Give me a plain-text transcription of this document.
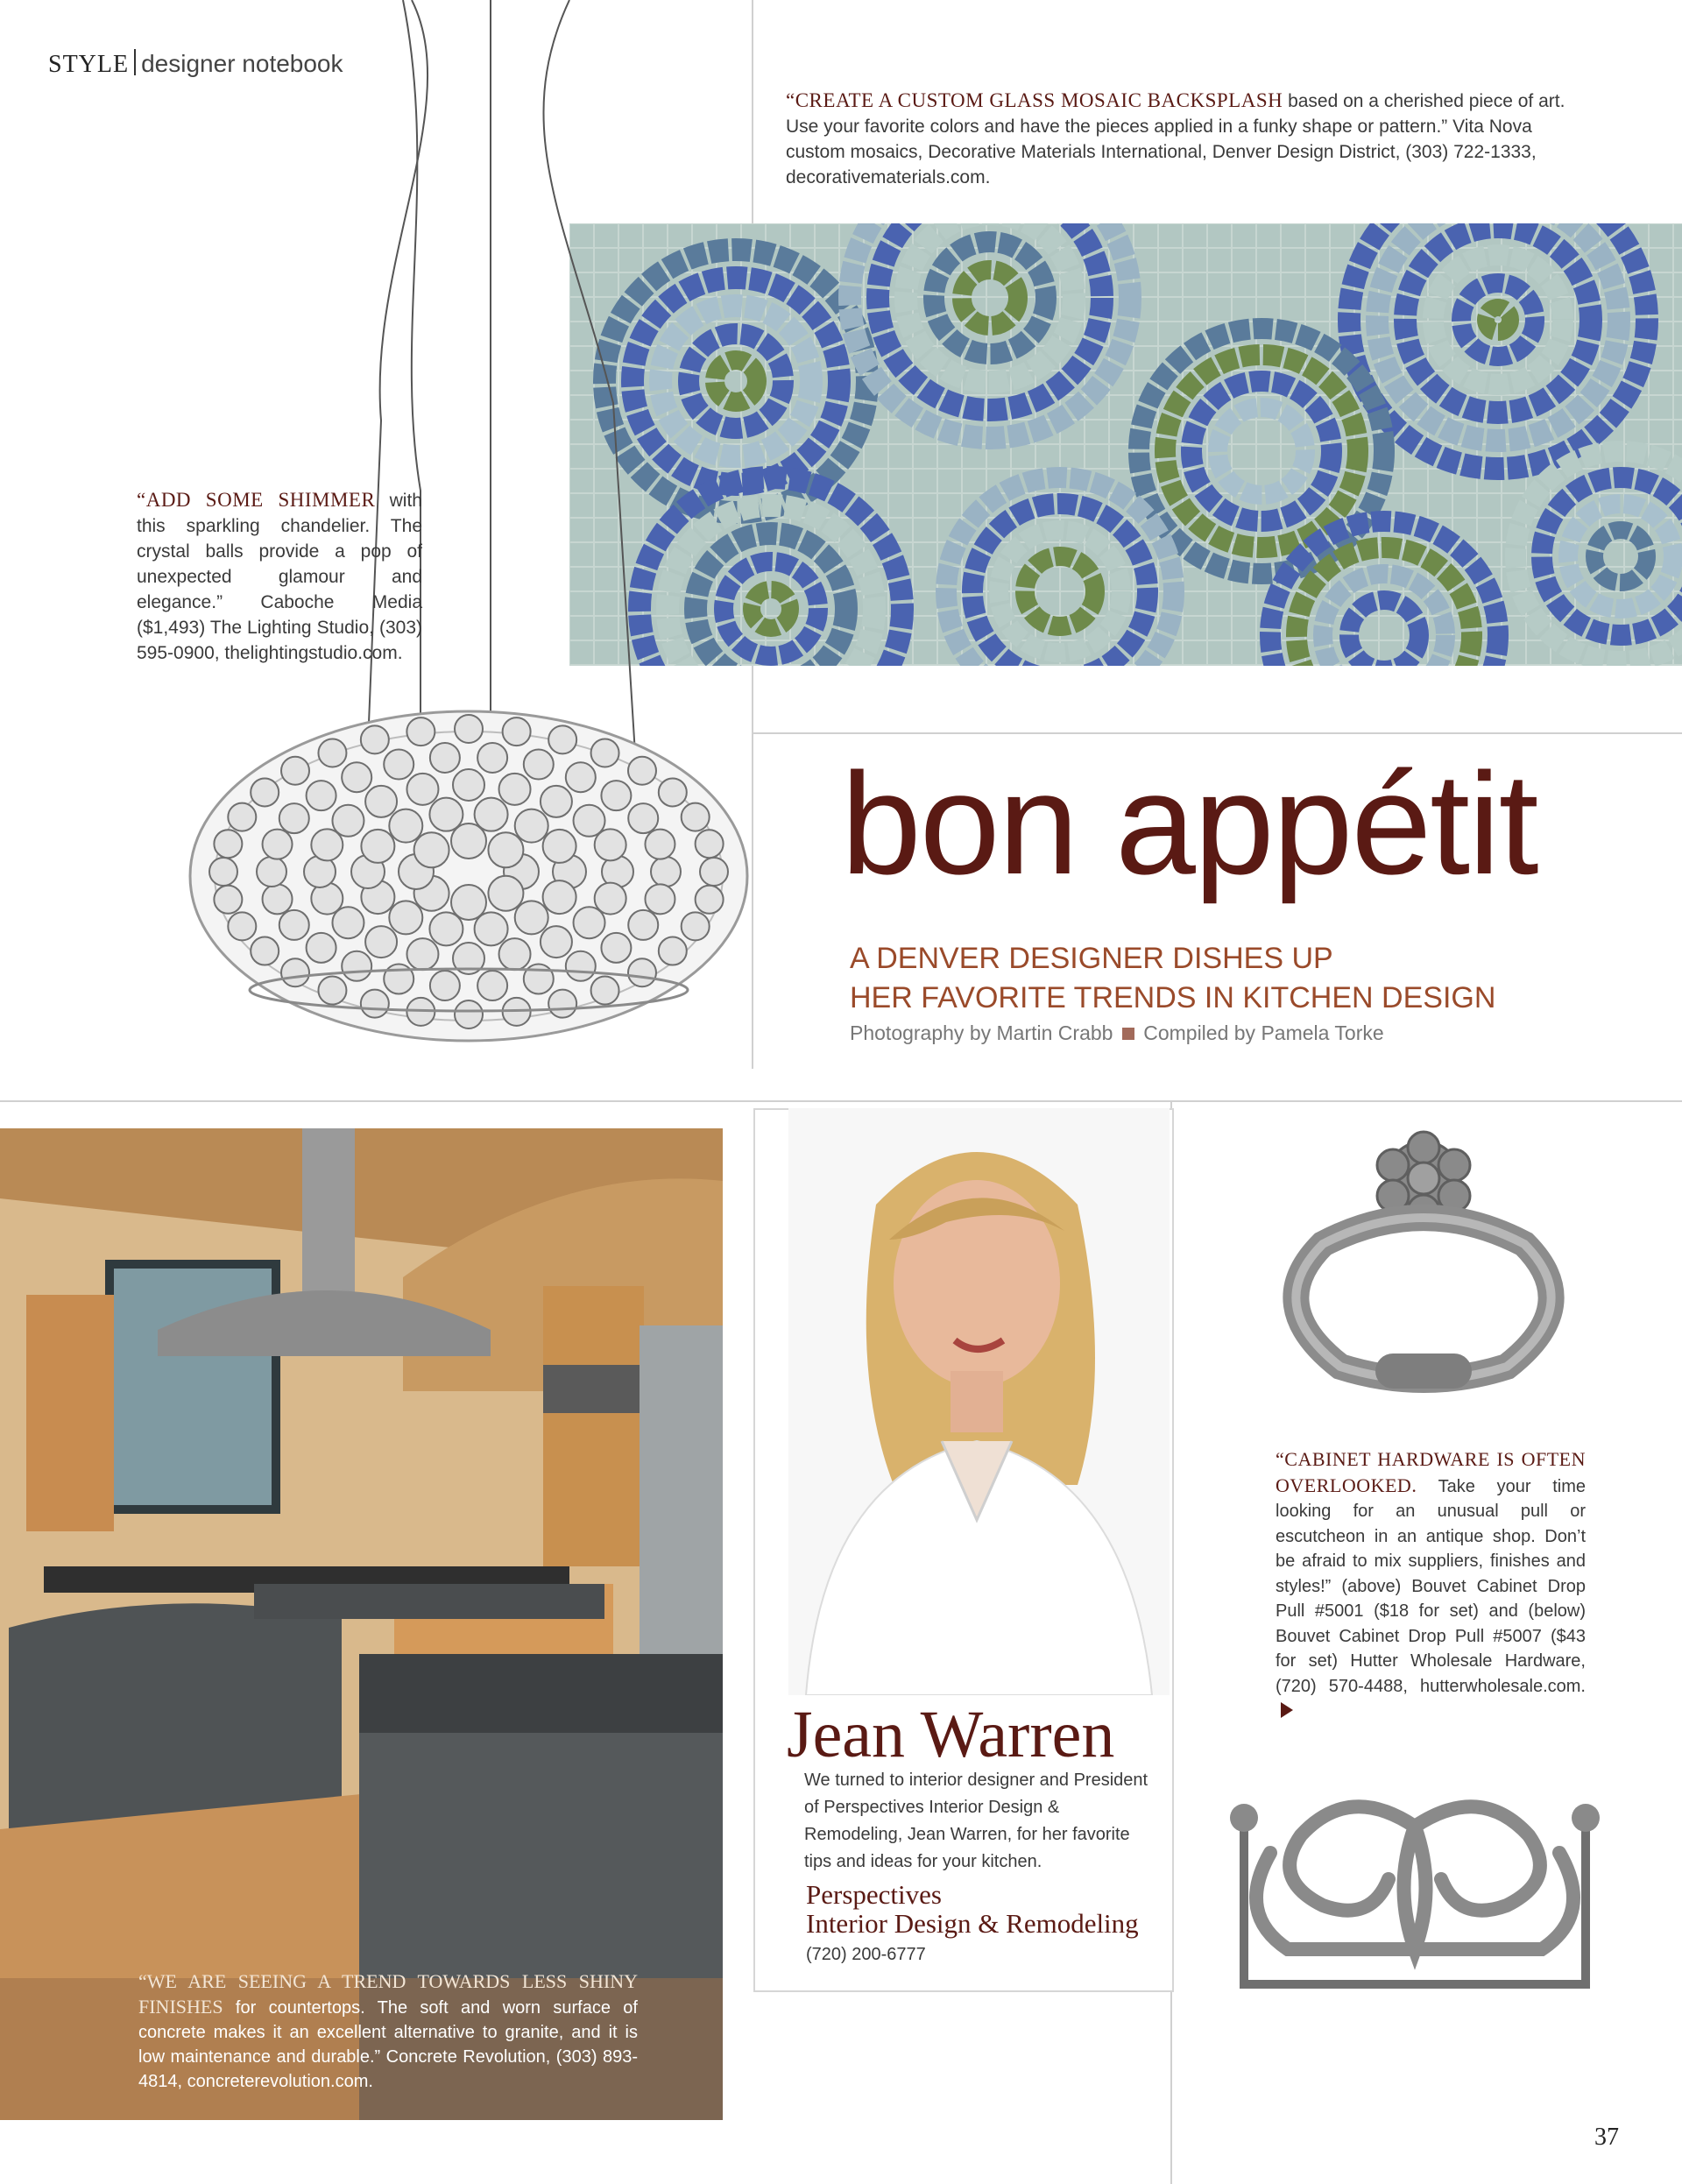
STYLE designer notebook
“CREATE A CUSTOM GLASS MOSAIC BACKSPLASH based on a cherished piece of art. Use your favorite colors and have the pieces applied in a funky shape or pattern.” Vita Nova custom mosaics, Decorative Materials International, Denver Design District, (303) 722-1333, decorativematerials.com.
“ADD SOME SHIMMER with this sparkling chandelier. The crystal balls provide a pop of unexpected glamour and elegance.” Caboche Media ($1,493) The Lighting Studio, (303) 595-0900, thelightingstudio.com.
bon appétit
A DENVER DESIGNER DISHES UP
HER FAVORITE TRENDS IN KITCHEN DESIGN
Photography by Martin Crabb Compiled by Pamela Torke
“WE ARE SEEING A TREND TOWARDS LESS SHINY FINISHES for countertops. The soft and worn surface of concrete makes it an excellent alternative to granite, and it is low maintenance and durable.” Concrete Revolution, (303) 893-4814, concreterevolution.com.
Jean Warren
We turned to interior designer and President of Perspectives Interior Design & Remodeling, Jean Warren, for her favorite tips and ideas for your kitchen.
Perspectives
Interior Design & Remodeling
(720) 200-6777
“CABINET HARDWARE IS OFTEN OVERLOOKED. Take your time looking for an unusual pull or escutcheon in an antique shop. Don’t be afraid to mix suppliers, finishes and styles!” (above) Bouvet Cabinet Drop Pull #5001 ($18 for set) and (below) Bouvet Cabinet Drop Pull #5007 ($43 for set) Hutter Wholesale Hardware, (720) 570-4488, hutterwholesale.com.
37
